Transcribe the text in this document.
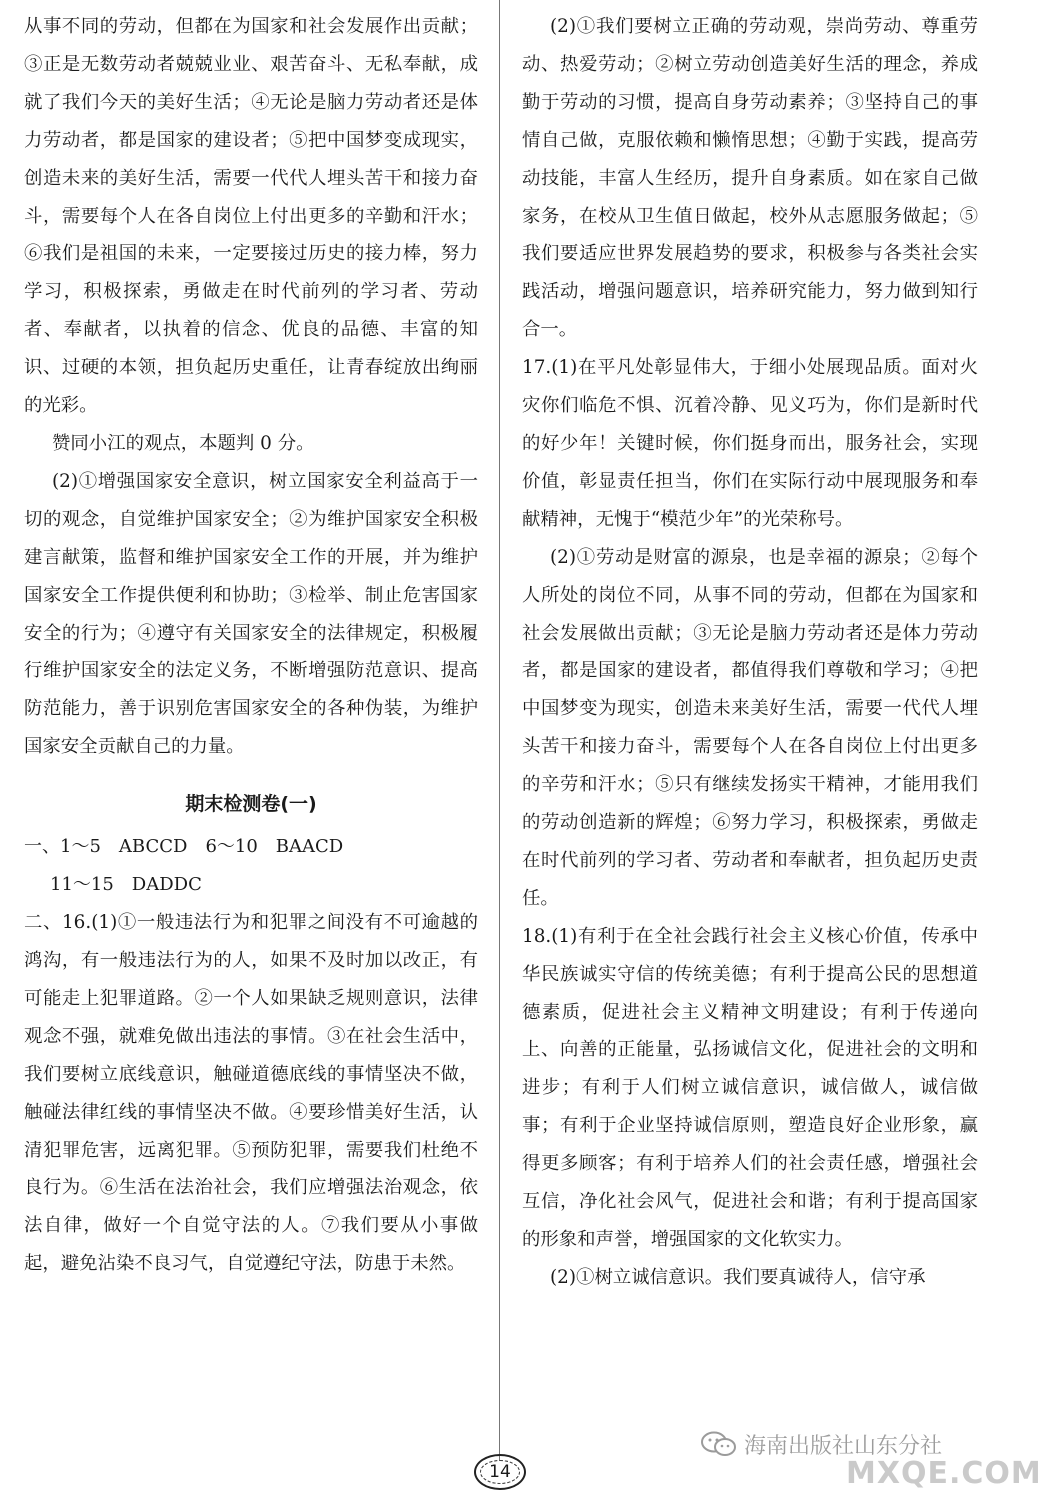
从事不同的劳动，但都在为国家和社会发展作出贡献；③正是无数劳动者兢兢业业、艰苦奋斗、无私奉献，成就了我们今天的美好生活；④无论是脑力劳动者还是体力劳动者，都是国家的建设者；⑤把中国梦变成现实，创造未来的美好生活，需要一代代人埋头苦干和接力奋斗，需要每个人在各自岗位上付出更多的辛勤和汗水；⑥我们是祖国的未来，一定要接过历史的接力棒，努力学习，积极探索，勇做走在时代前列的学习者、劳动者、奉献者，以执着的信念、优良的品德、丰富的知识、过硬的本领，担负起历史重任，让青春绽放出绚丽的光彩。

赞同小江的观点，本题判 0 分。

(2)①增强国家安全意识，树立国家安全利益高于一切的观念，自觉维护国家安全；②为维护国家安全积极建言献策，监督和维护国家安全工作的开展，并为维护国家安全工作提供便利和协助；③检举、制止危害国家安全的行为；④遵守有关国家安全的法律规定，积极履行维护国家安全的法定义务，不断增强防范意识、提高防范能力，善于识别危害国家安全的各种伪装，为维护国家安全贡献自己的力量。

期末检测卷(一)
一、1～5　ABCCD　6～10　BAACD
11～15　DADDC

二、16.(1)①一般违法行为和犯罪之间没有不可逾越的鸿沟，有一般违法行为的人，如果不及时加以改正，有可能走上犯罪道路。②一个人如果缺乏规则意识，法律观念不强，就难免做出违法的事情。③在社会生活中，我们要树立底线意识，触碰道德底线的事情坚决不做，触碰法律红线的事情坚决不做。④要珍惜美好生活，认清犯罪危害，远离犯罪。⑤预防犯罪，需要我们杜绝不良行为。⑥生活在法治社会，我们应增强法治观念，依法自律，做好一个自觉守法的人。⑦我们要从小事做起，避免沾染不良习气，自觉遵纪守法，防患于未然。

(2)①我们要树立正确的劳动观，崇尚劳动、尊重劳动、热爱劳动；②树立劳动创造美好生活的理念，养成勤于劳动的习惯，提高自身劳动素养；③坚持自己的事情自己做，克服依赖和懒惰思想；④勤于实践，提高劳动技能，丰富人生经历，提升自身素质。如在家自己做家务，在校从卫生值日做起，校外从志愿服务做起；⑤我们要适应世界发展趋势的要求，积极参与各类社会实践活动，增强问题意识，培养研究能力，努力做到知行合一。

17.(1)在平凡处彰显伟大，于细小处展现品质。面对火灾你们临危不惧、沉着冷静、见义巧为，你们是新时代的好少年！关键时候，你们挺身而出，服务社会，实现价值，彰显责任担当，你们在实际行动中展现服务和奉献精神，无愧于“模范少年”的光荣称号。

(2)①劳动是财富的源泉，也是幸福的源泉；②每个人所处的岗位不同，从事不同的劳动，但都在为国家和社会发展做出贡献；③无论是脑力劳动者还是体力劳动者，都是国家的建设者，都值得我们尊敬和学习；④把中国梦变为现实，创造未来美好生活，需要一代代人埋头苦干和接力奋斗，需要每个人在各自岗位上付出更多的辛劳和汗水；⑤只有继续发扬实干精神，才能用我们的劳动创造新的辉煌；⑥努力学习，积极探索，勇做走在时代前列的学习者、劳动者和奉献者，担负起历史责任。

18.(1)有利于在全社会践行社会主义核心价值，传承中华民族诚实守信的传统美德；有利于提高公民的思想道德素质，促进社会主义精神文明建设；有利于传递向上、向善的正能量，弘扬诚信文化，促进社会的文明和进步；有利于人们树立诚信意识，诚信做人，诚信做事；有利于企业坚持诚信原则，塑造良好企业形象，赢得更多顾客；有利于培养人们的社会责任感，增强社会互信，净化社会风气，促进社会和谐；有利于提高国家的形象和声誉，增强国家的文化软实力。

(2)①树立诚信意识。我们要真诚待人，信守承

14
海南出版社山东分社
MXQE.COM
